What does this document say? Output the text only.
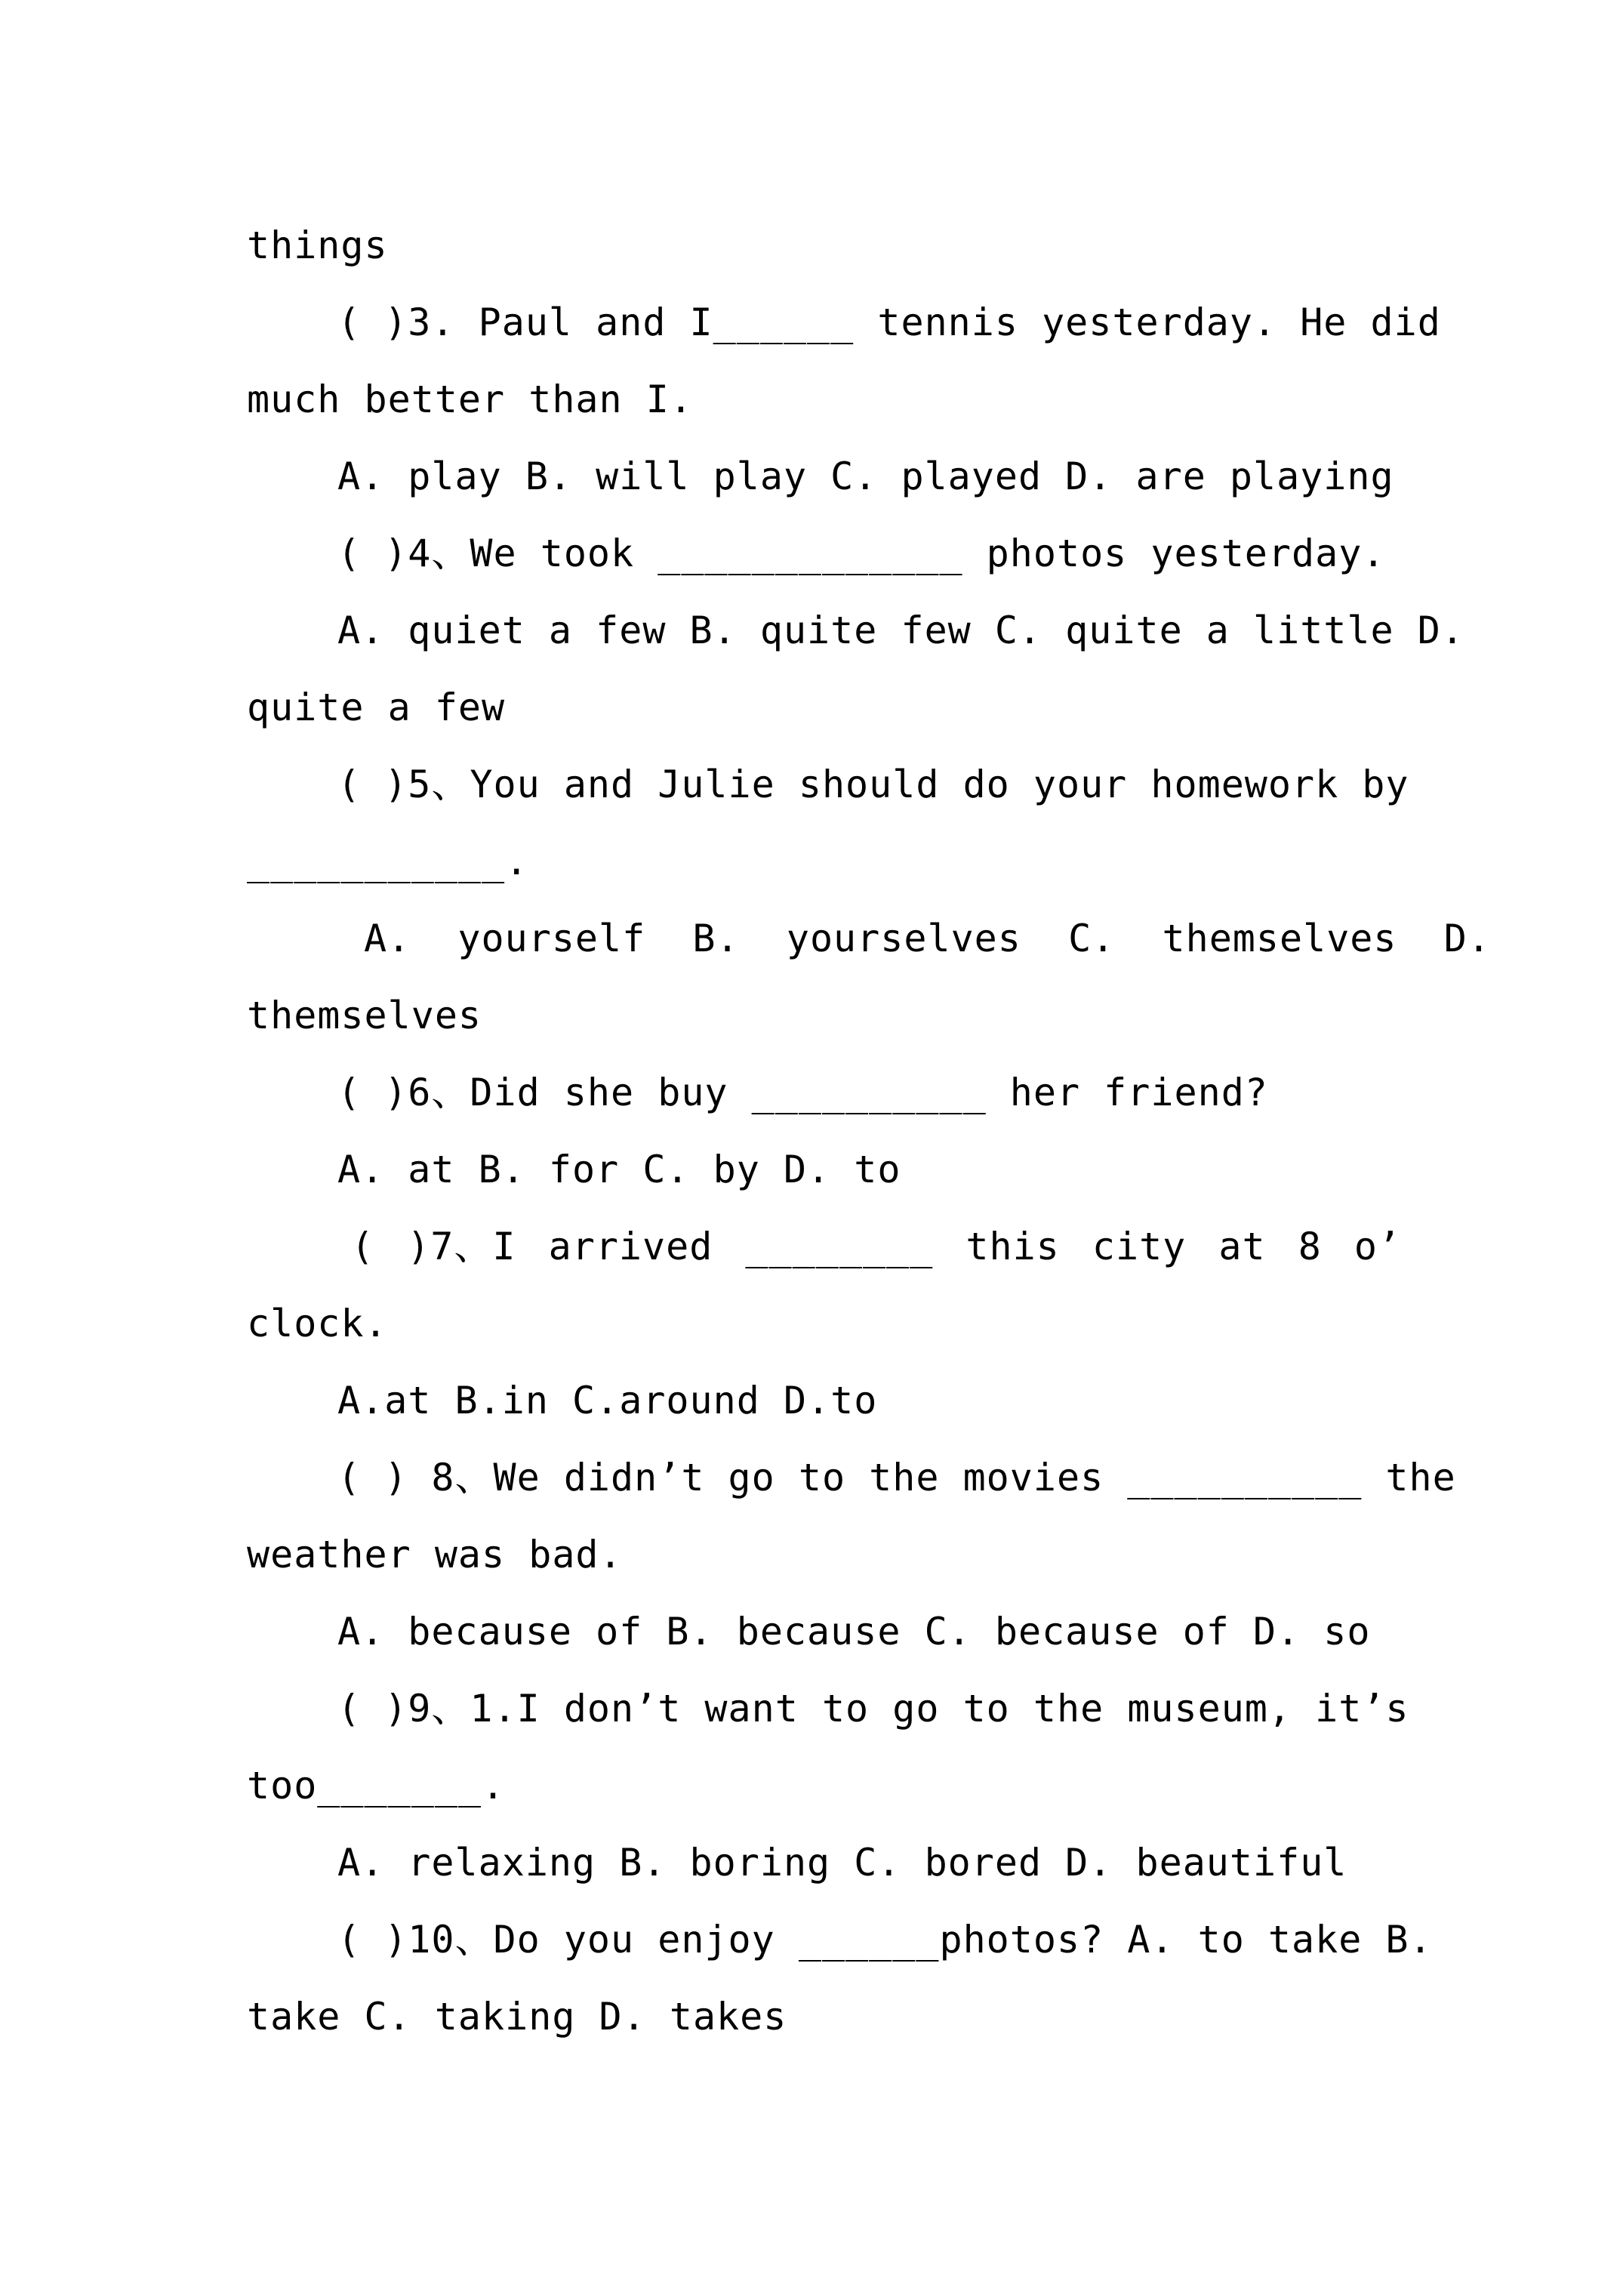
things
( )3. Paul and I______ tennis yesterday. He did
much better than I.
A. play B. will play C. played D. are playing
( )4、We took _____________ photos yesterday.
A. quiet a few B. quite few C. quite a little D.
quite a few
( )5、You and Julie should do your homework by
___________.
A.  yourself  B.  yourselves  C.  themselves  D.
themselves
( )6、Did she buy __________ her friend?
A. at B. for C. by D. to
( )7、I arrived ________ this city at 8 o’
clock.
A.at B.in C.around D.to
( ) 8、We didn’t go to the movies __________ the
weather was bad.
A. because of B. because C. because of D. so
( )9、1.I don’t want to go to the museum, it’s
too_______.
A. relaxing B. boring C. bored D. beautiful
( )10、Do you enjoy ______photos? A. to take B.
take C. taking D. takes
